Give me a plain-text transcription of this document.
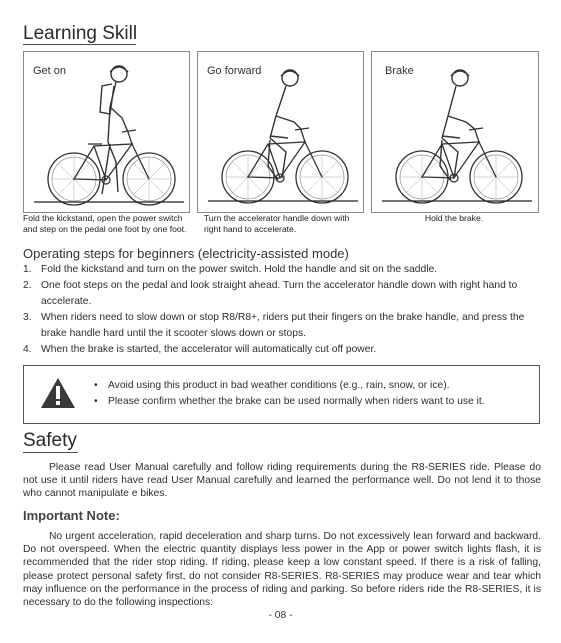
Learning Skill
Get on
Fold the kickstand, open the power switch and step on the pedal one foot by one foot.
Go forward
Turn the accelerator handle down with right hand to accelerate.
Brake
Hold the brake.
Operating steps for beginners (electricity-assisted mode)
1. Fold the kickstand and turn on the power switch. Hold the handle and sit on the saddle.
2. One foot steps on the pedal and look straight ahead. Turn the accelerator handle down with right hand to accelerate.
3. When riders need to slow down or stop R8/R8+, riders put their fingers on the brake handle, and press the brake handle hard until the it scooter slows down or stops.
4. When the brake is started, the accelerator will automatically cut off power.
• Avoid using this product in bad weather conditions (e.g., rain, snow, or ice).
• Please confirm whether the brake can be used normally when riders want to use it.
Safety
Please read User Manual carefully and follow riding requirements during the R8-SERIES ride. Please do not use it until riders have read User Manual carefully and learned the performance well. Do not lend it to those who cannot manipulate e bikes.
Important Note:
No urgent acceleration, rapid deceleration and sharp turns. Do not excessively lean forward and backward. Do not overspeed. When the electric quantity displays less power in the App or power switch lights flash, it is recommended that the rider stop riding. If riding, please keep a low constant speed. If there is a risk of falling, please protect personal safety first, do not consider R8-SERIES. R8-SERIES may produce wear and tear which may influence on the performance in the process of riding and parking. So before riders ride the R8-SERIES, it is necessary to do the following inspections:
- 08 -
